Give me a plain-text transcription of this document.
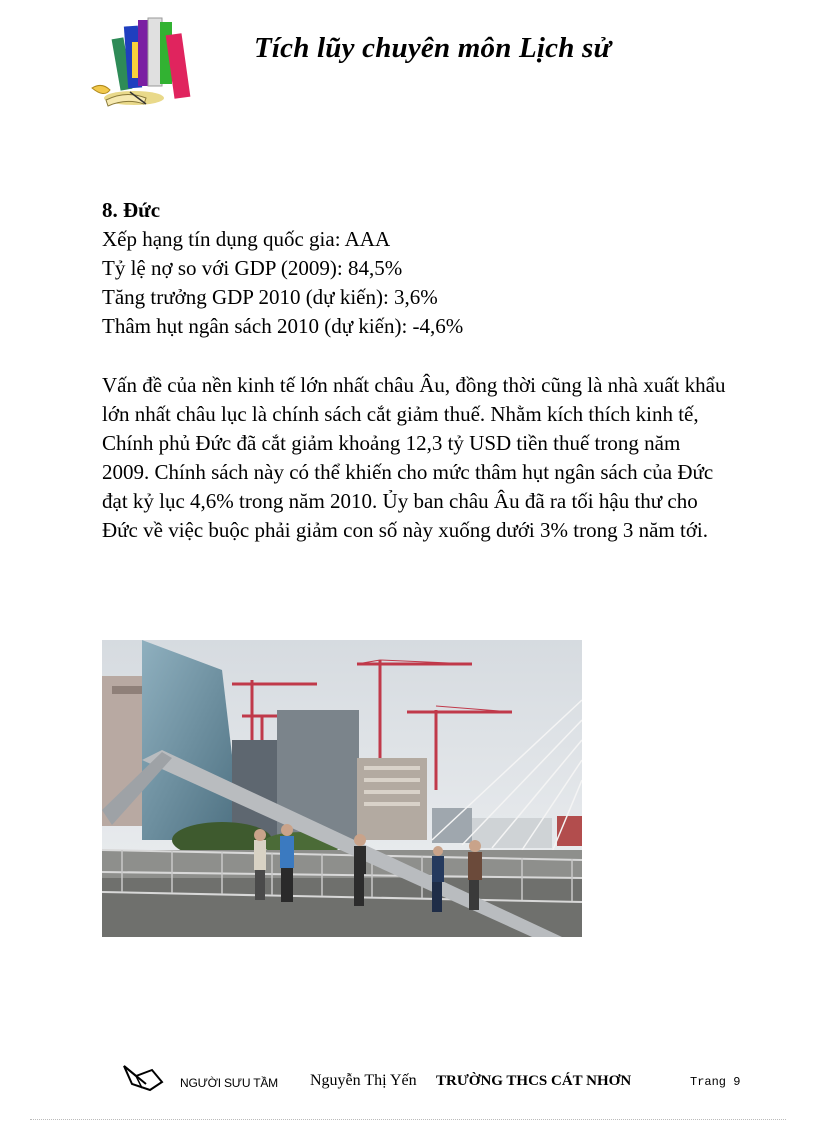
Tích lũy chuyên môn Lịch sử

8. Đức

Xếp hạng tín dụng quốc gia: AAA

Tỷ lệ nợ so với GDP (2009): 84,5%

Tăng trưởng GDP 2010 (dự kiến): 3,6%

Thâm hụt ngân sách 2010 (dự kiến): -4,6%

Vấn đề của nền kinh tế lớn nhất châu Âu, đồng thời cũng là nhà xuất khẩu lớn nhất châu lục là chính sách cắt giảm thuế. Nhằm kích thích kinh tế, Chính phủ Đức đã cắt giảm khoảng 12,3 tỷ USD tiền thuế trong năm 2009. Chính sách này có thể khiến cho mức thâm hụt ngân sách của Đức đạt kỷ lục 4,6% trong năm 2010. Ủy ban châu Âu đã ra tối hậu thư cho Đức về việc buộc phải giảm con số này xuống dưới 3% trong 3 năm tới.

NGƯỜI SƯU TẦM Nguyễn Thị Yến TRƯỜNG THCS CÁT NHƠN	Trang 9
